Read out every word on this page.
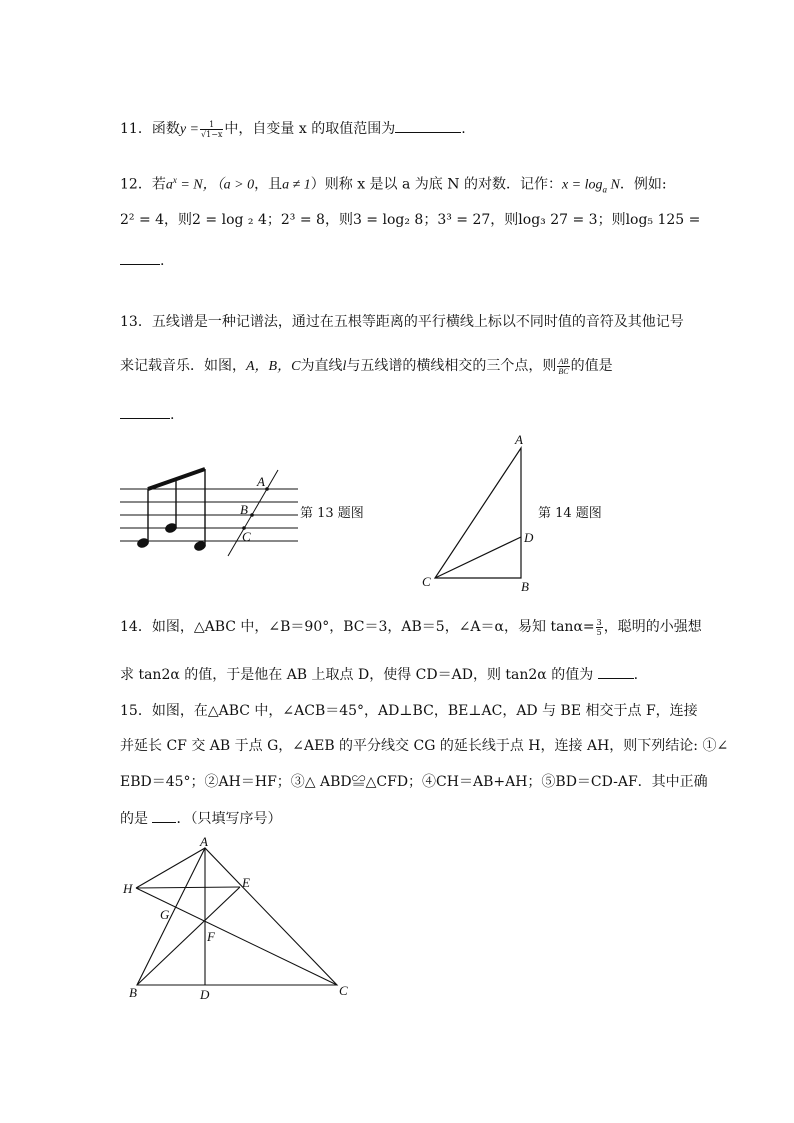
11．函数$y = \frac{1}{√1-x}$ 中，自变量 x 的取值范围为	.
12．若$a^x = N$，（a > 0，且a ≠ 1）则称 x 是以 a 为底 N 的对数．记作：$x = \log_a N$．例如:
2² = 4，则2 = log ₂ 4；2³ = 8，则3 = log₂ 8；3³ = 27，则log₃ 27 = 3；则log₅ 125 =
.
13．五线谱是一种记谱法，通过在五根等距离的平行横线上标以不同时值的音符及其他记号
来记载音乐．如图，A，B，C为直线l与五线谱的横线相交的三个点，则 $\frac{AB}{BC}$ 的值是
.
A
B
C
第 13 题图
A
D
C	B
第 14 题图
14．如图，△ABC 中，∠B＝90°，BC＝3，AB＝5，∠A＝α，易知 $\tan\alpha= \frac{3}{5}$ ，聪明的小强想
求 tan2α 的值，于是他在 AB 上取点 D，使得 CD＝AD，则 tan2α 的值为	.
15．如图，在△ABC 中，∠ACB＝45°，AD⊥BC，BE⊥AC，AD 与 BE 相交于点 F，连接
并延长 CF 交 AB 于点 G，∠AEB 的平分线交 CG 的延长线于点 H，连接 AH，则下列结论: ①∠
EBD＝45°；②AH＝HF；③△ ABD≌△CFD；④CH＝AB+AH；⑤BD＝CD-AF．其中正确
的是 ．（只填写序号）
A
H	E
G
F
B	D	C
